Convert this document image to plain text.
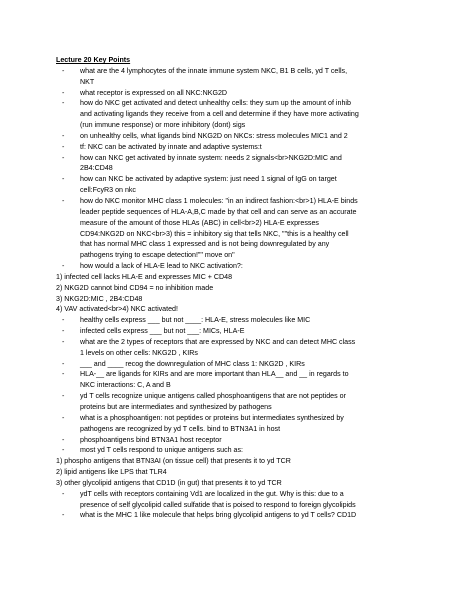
Lecture 20 Key Points
- what are the 4 lymphocytes of the innate immune system NKC, B1 B cells, yd T cells,
NKT
- what receptor is expressed on all NKC:NKG2D
- how do NKC get activated and detect unhealthy cells: they sum up the amount of inhib
and activating ligands they receive from a cell and determine if they have more activating
(run immune response) or more inhibitory (dont) sigs
- on unhealthy cells, what ligands bind NKG2D on NKCs: stress molecules MIC1 and 2
- tf: NKC can be activated by innate and adaptive systems:t
- how can NKC get activated by innate system: needs 2 signals<br>NKG2D:MIC and
2B4:CD48
- how can NKC be activated by adaptive system: just need 1 signal of IgG on target
cell:FcyR3 on nkc
- how do NKC monitor MHC class 1 molecules: "in an indirect fashion:<br>1) HLA-E binds
leader peptide sequences of HLA-A,B,C made by that cell and can serve as an accurate
measure of the amount of those HLAs (ABC) in cell<br>2) HLA-E expresses
CD94:NKG2D on NKC<br>3) this = inhibitory sig that tells NKC, ""this is a healthy cell
that has normal MHC class 1 expressed and is not being downregulated by any
pathogens trying to escape detection!"" move on"
- how would a lack of HLA-E lead to NKC activation?:
1) infected cell lacks HLA-E and expresses MIC + CD48
2) NKG2D cannot bind CD94 = no inhibition made
3) NKG2D:MIC , 2B4:CD48
4) VAV activated<br>4) NKC activated!
- healthy cells express ___ but not ____: HLA-E, stress molecules like MIC
- infected cells express ___ but not ___: MICs, HLA-E
- what are the 2 types of receptors that are expressed by NKC and can detect MHC class
1 levels on other cells: NKG2D , KIRs
- ___ and ____ recog the downregulation of MHC class 1: NKG2D , KIRs
- HLA-__ are ligands for KIRs and are more important than HLA__ and __ in regards to
NKC interactions: C, A and B
- yd T cells recognize unique antigens called phosphoantigens that are not peptides or
proteins but are intermediates and synthesized by pathogens
- what is a phosphoantigen: not peptides or proteins but intermediates synthesized by
pathogens are recognized by yd T cells. bind to BTN3A1 in host
- phosphoantigens bind BTN3A1 host receptor
- most yd T cells respond to unique antigens such as:
1) phospho antigens that BTN3AI (on tissue cell) that presents it to yd TCR
2) lipid antigens like LPS that TLR4
3) other glycolipid antigens that CD1D (in gut) that presents it to yd TCR
- ydT cells with receptors containing Vd1 are localized in the gut. Why is this: due to a
presence of self glycolipid called sulfatide that is poised to respond to foreign glycolipids
- what is the MHC 1 like molecule that helps bring glycolipid antigens to yd T cells? CD1D
